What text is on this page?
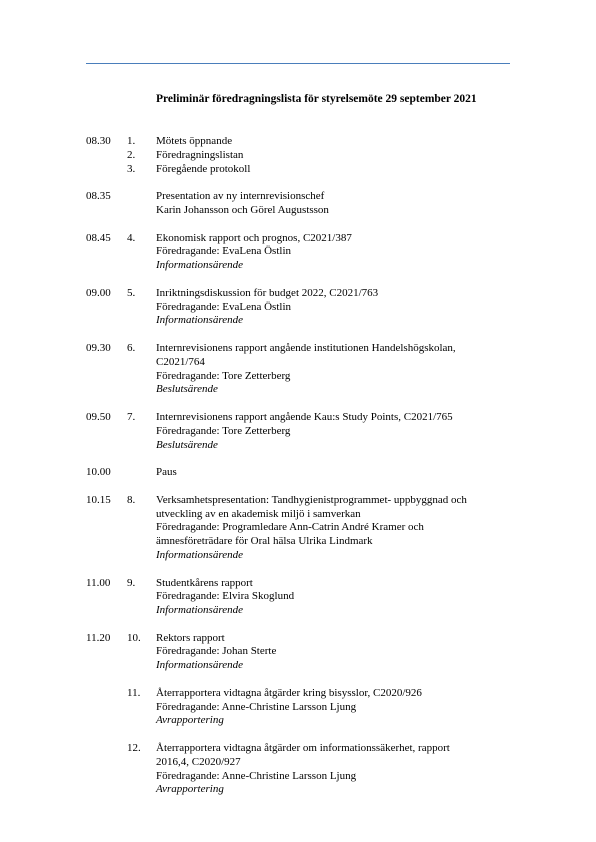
Preliminär föredragningslista för styrelsemöte 29 september 2021
08.30 1. Mötets öppnande
2. Föredragningslistan
3. Föregående protokoll
08.35	Presentation av ny internrevisionschef
Karin Johansson och Görel Augustsson
08.45 4. Ekonomisk rapport och prognos, C2021/387
Föredragande: EvaLena Östlin
Informationsärende
09.00 5. Inriktningsdiskussion för budget 2022, C2021/763
Föredragande: EvaLena Östlin
Informationsärende
09.30 6. Internrevisionens rapport angående institutionen Handelshögskolan,
C2021/764
Föredragande: Tore Zetterberg
Beslutsärende
09.50 7. Internrevisionens rapport angående Kau:s Study Points, C2021/765
Föredragande: Tore Zetterberg
Beslutsärende
10.00	Paus
10.15 8. Verksamhetspresentation: Tandhygienistprogrammet- uppbyggnad och
utveckling av en akademisk miljö i samverkan
Föredragande: Programledare Ann-Catrin André Kramer och
ämnesföreträdare för Oral hälsa Ulrika Lindmark
Informationsärende
11.00 9. Studentkårens rapport
Föredragande: Elvira Skoglund
Informationsärende
11.20 10. Rektors rapport
Föredragande: Johan Sterte
Informationsärende
11. Återrapportera vidtagna åtgärder kring bisysslor, C2020/926
Föredragande: Anne-Christine Larsson Ljung
Avrapportering
12. Återrapportera vidtagna åtgärder om informationssäkerhet, rapport
2016,4, C2020/927
Föredragande: Anne-Christine Larsson Ljung
Avrapportering
